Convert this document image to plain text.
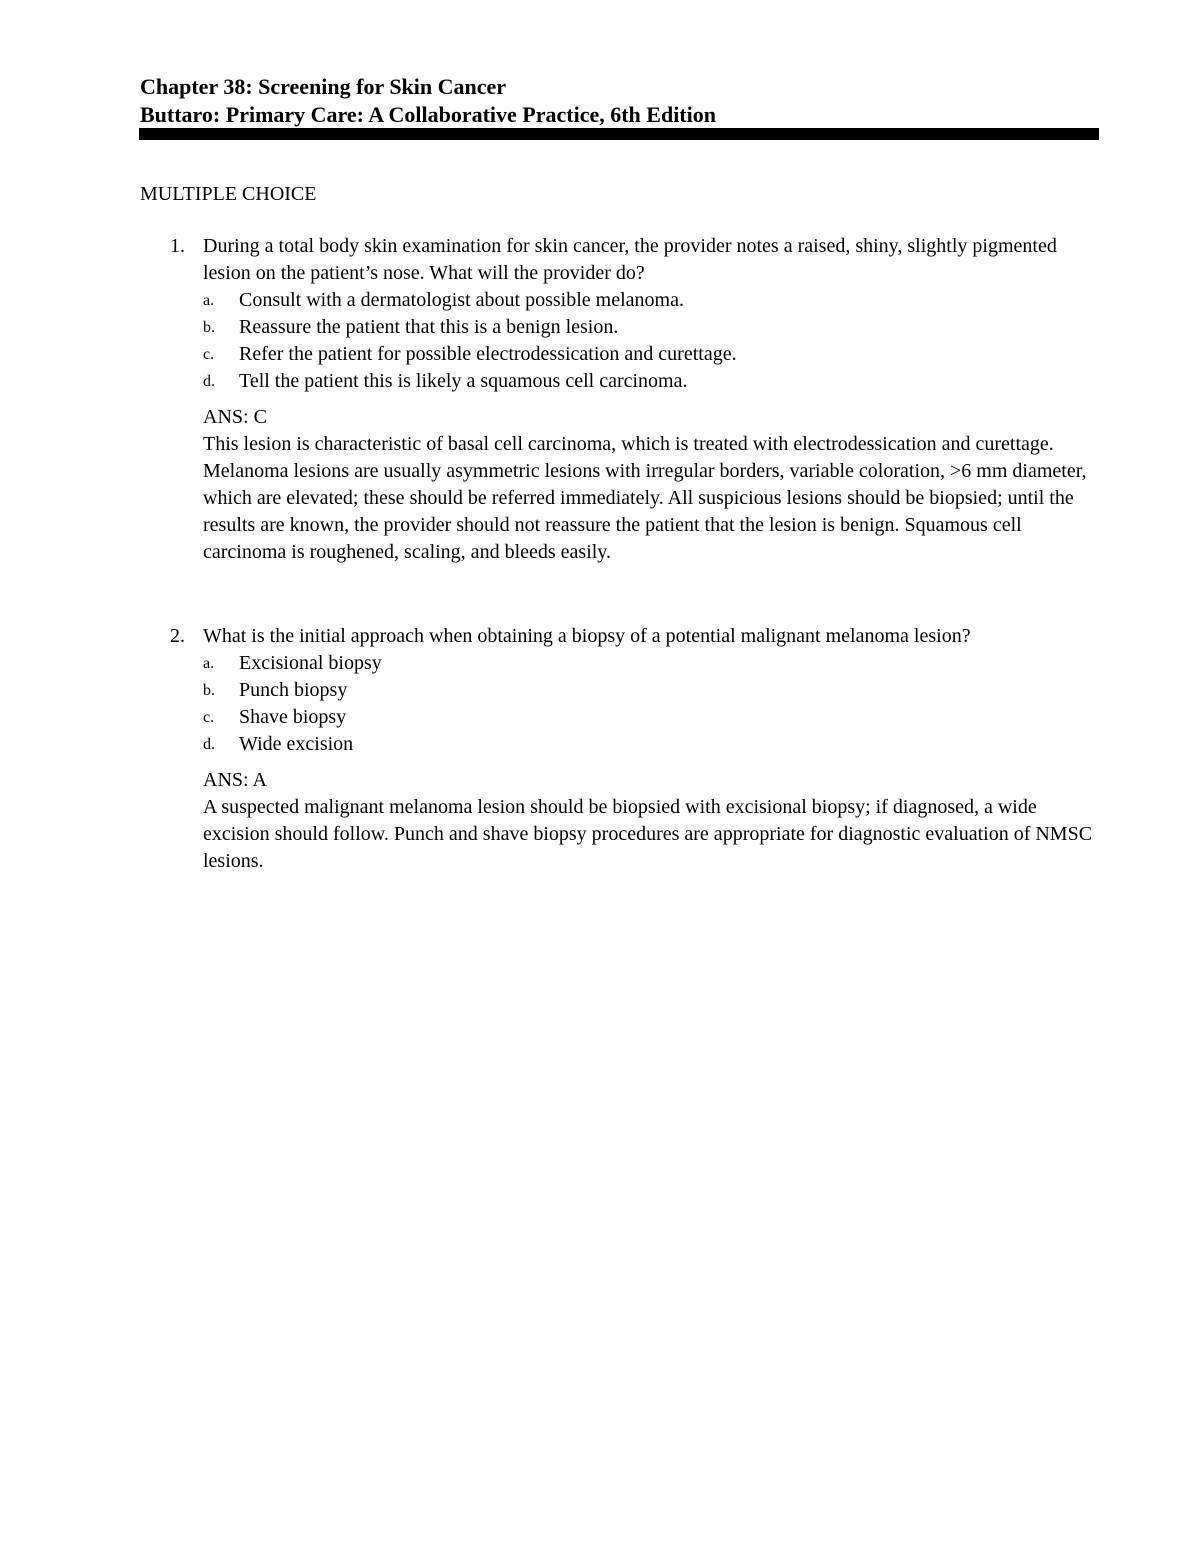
Chapter 38: Screening for Skin Cancer
Buttaro: Primary Care: A Collaborative Practice, 6th Edition
MULTIPLE CHOICE
1. During a total body skin examination for skin cancer, the provider notes a raised, shiny, slightly pigmented lesion on the patient’s nose. What will the provider do?

a. Consult with a dermatologist about possible melanoma.
b. Reassure the patient that this is a benign lesion.
c. Refer the patient for possible electrodessication and curettage.
d. Tell the patient this is likely a squamous cell carcinoma.
ANS: C

This lesion is characteristic of basal cell carcinoma, which is treated with electrodessication and curettage. Melanoma lesions are usually asymmetric lesions with irregular borders, variable coloration, >6 mm diameter, which are elevated; these should be referred immediately. All suspicious lesions should be biopsied; until the results are known, the provider should not reassure the patient that the lesion is benign. Squamous cell carcinoma is roughened, scaling, and bleeds easily.

2. What is the initial approach when obtaining a biopsy of a potential malignant melanoma lesion?

a. Excisional biopsy
b. Punch biopsy
c. Shave biopsy
d. Wide excision
ANS: A

A suspected malignant melanoma lesion should be biopsied with excisional biopsy; if diagnosed, a wide excision should follow. Punch and shave biopsy procedures are appropriate for diagnostic evaluation of NMSC lesions.
